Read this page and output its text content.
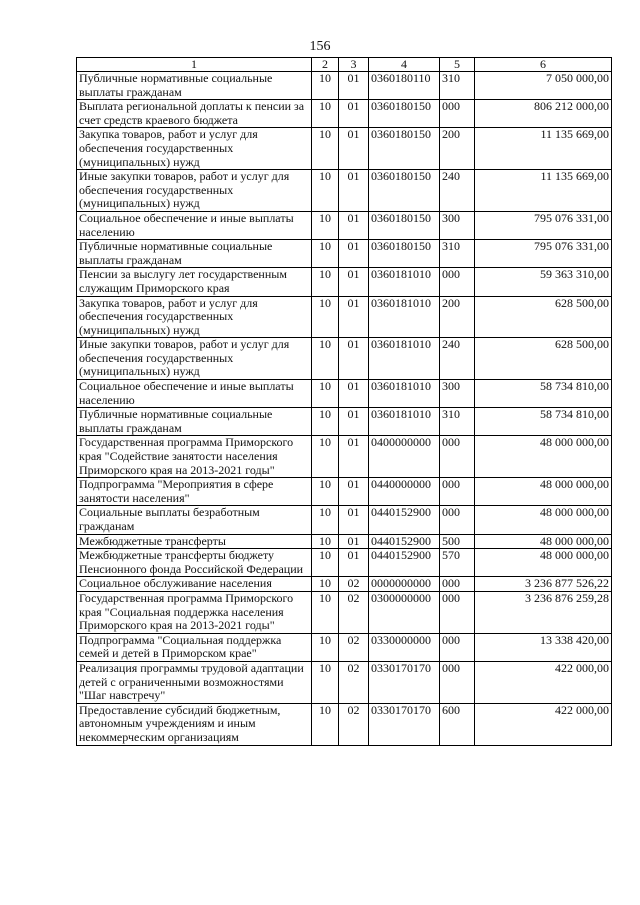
156
1	2	3	4	5	6
Публичные нормативные социальные выплаты гражданам	10	01	0360180110	310	7 050 000,00
Выплата региональной доплаты к пенсии за счет средств краевого бюджета	10	01	0360180150	000	806 212 000,00
Закупка товаров, работ и услуг для обеспечения государственных (муниципальных) нужд	10	01	0360180150	200	11 135 669,00
Иные закупки товаров, работ и услуг для обеспечения государственных (муниципальных) нужд	10	01	0360180150	240	11 135 669,00
Социальное обеспечение и иные выплаты населению	10	01	0360180150	300	795 076 331,00
Публичные нормативные социальные выплаты гражданам	10	01	0360180150	310	795 076 331,00
Пенсии за выслугу лет государственным служащим Приморского края	10	01	0360181010	000	59 363 310,00
Закупка товаров, работ и услуг для обеспечения государственных (муниципальных) нужд	10	01	0360181010	200	628 500,00
Иные закупки товаров, работ и услуг для обеспечения государственных (муниципальных) нужд	10	01	0360181010	240	628 500,00
Социальное обеспечение и иные выплаты населению	10	01	0360181010	300	58 734 810,00
Публичные нормативные социальные выплаты гражданам	10	01	0360181010	310	58 734 810,00
Государственная программа Приморского края "Содействие занятости населения Приморского края на 2013-2021 годы"	10	01	0400000000	000	48 000 000,00
Подпрограмма "Мероприятия в сфере занятости населения"	10	01	0440000000	000	48 000 000,00
Социальные выплаты безработным гражданам	10	01	0440152900	000	48 000 000,00
Межбюджетные трансферты	10	01	0440152900	500	48 000 000,00
Межбюджетные трансферты бюджету Пенсионного фонда Российской Федерации	10	01	0440152900	570	48 000 000,00
Социальное обслуживание населения	10	02	0000000000	000	3 236 877 526,22
Государственная программа Приморского края "Социальная поддержка населения Приморского края на 2013-2021 годы"	10	02	0300000000	000	3 236 876 259,28
Подпрограмма "Социальная поддержка семей и детей в Приморском крае"	10	02	0330000000	000	13 338 420,00
Реализация программы трудовой адаптации детей с ограниченными возможностями "Шаг навстречу"	10	02	0330170170	000	422 000,00
Предоставление субсидий бюджетным, автономным учреждениям и иным некоммерческим организациям	10	02	0330170170	600	422 000,00
